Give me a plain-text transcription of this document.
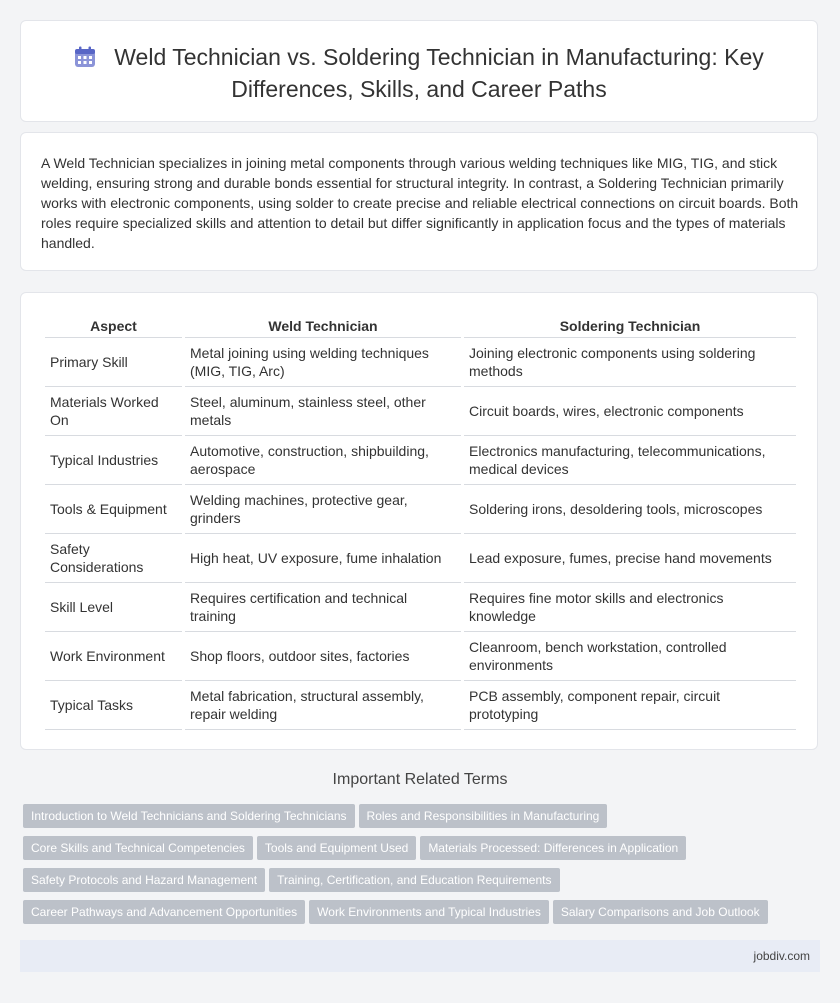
Weld Technician vs. Soldering Technician in Manufacturing: Key Differences, Skills, and Career Paths

A Weld Technician specializes in joining metal components through various welding techniques like MIG, TIG, and stick welding, ensuring strong and durable bonds essential for structural integrity. In contrast, a Soldering Technician primarily works with electronic components, using solder to create precise and reliable electrical connections on circuit boards. Both roles require specialized skills and attention to detail but differ significantly in application focus and the types of materials handled.

Aspect	Weld Technician	Soldering Technician
Primary Skill	Metal joining using welding techniques (MIG, TIG, Arc)	Joining electronic components using soldering methods
Materials Worked On	Steel, aluminum, stainless steel, other metals	Circuit boards, wires, electronic components
Typical Industries	Automotive, construction, shipbuilding, aerospace	Electronics manufacturing, telecommunications, medical devices
Tools & Equipment	Welding machines, protective gear, grinders	Soldering irons, desoldering tools, microscopes
Safety Considerations	High heat, UV exposure, fume inhalation	Lead exposure, fumes, precise hand movements
Skill Level	Requires certification and technical training	Requires fine motor skills and electronics knowledge
Work Environment	Shop floors, outdoor sites, factories	Cleanroom, bench workstation, controlled environments
Typical Tasks	Metal fabrication, structural assembly, repair welding	PCB assembly, component repair, circuit prototyping
Important Related Terms
Introduction to Weld Technicians and Soldering Technicians Roles and Responsibilities in Manufacturing
Core Skills and Technical Competencies Tools and Equipment Used Materials Processed: Differences in Application
Safety Protocols and Hazard Management Training, Certification, and Education Requirements
Career Pathways and Advancement Opportunities Work Environments and Typical Industries Salary Comparisons and Job Outlook
jobdiv.com
